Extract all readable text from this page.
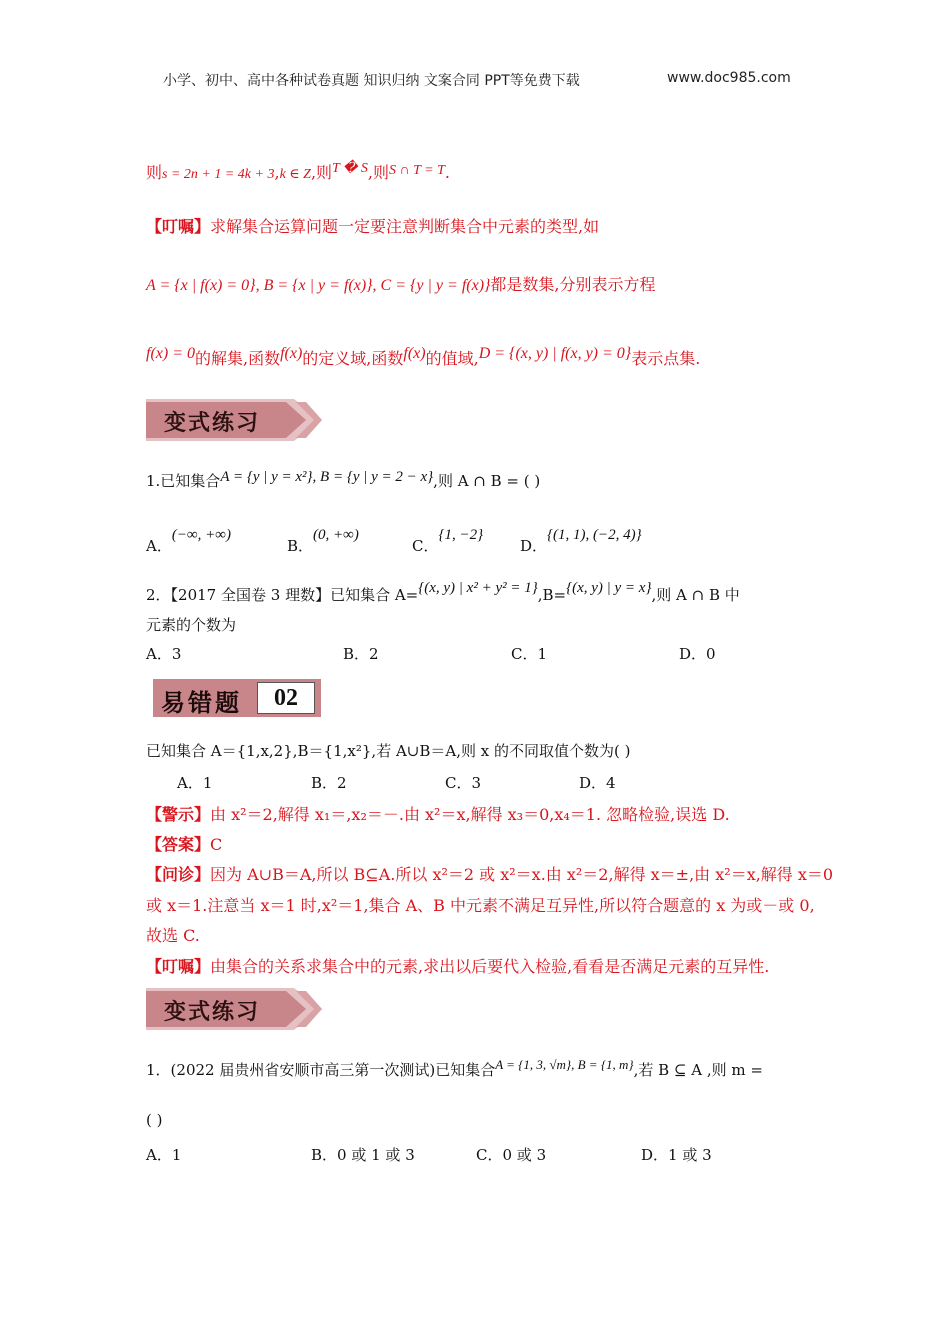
小学、初中、高中各种试卷真题 知识归纳 文案合同 PPT等免费下载	www.doc985.com
则s = 2n + 1 = 4k + 3,k ∈ Z,则T � S,则S ∩ T = T.
【叮嘱】求解集合运算问题一定要注意判断集合中元素的类型,如
A = {x | f(x) = 0}, B = {x | y = f(x)}, C = {y | y = f(x)}都是数集,分别表示方程
f(x) = 0的解集,函数f(x)的定义域,函数f(x)的值域,D = {(x, y) | f(x, y) = 0}表示点集.
变式练习
1.已知集合A = {y | y = x²}, B = {y | y = 2 − x},则 A ∩ B = ( )
A．(−∞, +∞)
B．(0, +∞)
C．{1, −2}
D．{(1, 1), (−2, 4)}
2．【2017 全国卷 3 理数】已知集合 A={(x, y) | x² + y² = 1},B={(x, y) | y = x},则 A ∩ B 中
元素的个数为
A．3	B．2	C．1	D．0
易错题	02
已知集合 A＝{1,x,2},B＝{1,x²},若 A∪B＝A,则 x 的不同取值个数为( )
A．1	B．2	C．3	D．4
【警示】由 x²＝2,解得 x₁＝,x₂＝－.由 x²＝x,解得 x₃＝0,x₄＝1. 忽略检验,误选 D.
【答案】C
【问诊】因为 A∪B＝A,所以 B⊆A.所以 x²＝2 或 x²＝x.由 x²＝2,解得 x＝±,由 x²＝x,解得 x＝0
或 x＝1.注意当 x＝1 时,x²＝1,集合 A、B 中元素不满足互异性,所以符合题意的 x 为或－或 0,
故选 C.
【叮嘱】由集合的关系求集合中的元素,求出以后要代入检验,看看是否满足元素的互异性.
变式练习
1．(2022 届贵州省安顺市高三第一次测试)已知集合A = {1, 3, √m}, B = {1, m},若 B ⊆ A ,则 m =
( )
A．1	B．0 或 1 或 3	C．0 或 3	D．1 或 3
